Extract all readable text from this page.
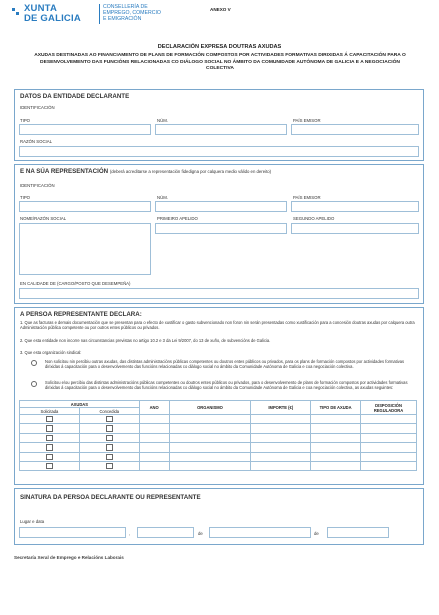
XUNTA
DE GALICIA
CONSELLERÍA DE
EMPREGO, COMERCIO
E EMIGRACIÓN
ANEXO V
DECLARACIÓN EXPRESA DOUTRAS AXUDAS
AXUDAS DESTINADAS AO FINANCIAMENTO DE PLANS DE FORMACIÓN COMPOSTOS POR ACTIVIDADES FORMATIVAS DIRIXIDAS Á CAPACITACIÓN PARA O DESENVOLVEMENTO DAS FUNCIÓNS RELACIONADAS CO DIÁLOGO SOCIAL NO ÁMBITO DA COMUNIDADE AUTÓNOMA DE GALICIA E A NEGOCIACIÓN COLECTIVA
DATOS DA ENTIDADE DECLARANTE
IDENTIFICACIÓN
TIPO	NÚM.	PAÍS EMISOR
RAZÓN SOCIAL
E NA SÚA REPRESENTACIÓN (deberá acreditarse a representación fidedigna por calquera medio válido en dereito)
IDENTIFICACIÓN
TIPO	NÚM.	PAÍS EMISOR
NOME/RAZÓN SOCIAL	PRIMEIRO APELIDO	SEGUNDO APELIDO
EN CALIDADE DE (CARGO/POSTO QUE DESEMPEÑA)
A PERSOA REPRESENTANTE DECLARA:
1. Que as facturas e demais documentación que se presentan para o efecto de xustificar o gasto subvencionado non foron nin serán presentadas como xustificación para a concesión doutras axudas por calquera outra Administración pública competente ou por outros entes públicos ou privados.
2. Que esta entidade non incorre nas circunstancias previstas no artigo 10.2 e 3 da Lei 9/2007, do 13 de xuño, de subvencións de Galicia.
3. Que esta organización sindical:
Non solicitou nin percibiu outras axudas, das distintas administracións públicas competentes ou doutros entes públicos ou privados, para os plans de formación compostos por actividades formativas dirixidas á capacitación para o desenvolvemento das funcións relacionadas co diálogo social no ámbito da Comunidade Autónoma de Galicia e coa negociación colectiva.
Solicitou e/ou percibiu das distintas administracións públicas competentes ou doutros entes públicos ou privados, para o desenvolvemento de plans de formación compostos por actividades formativas dirixidas á capacitación para o desenvolvemento das funcións relacionadas co diálogo social no ámbito da Comunidade Autónoma de Galicia e coa negociación colectiva, as axudas seguintes:
AXUDAS		ANO	ORGANISMO	IMPORTE (€)	TIPO DE AXUDA	DISPOSICIÓN REGULADORA
Solicitada	Concedida					

SINATURA DA PERSOA DECLARANTE OU REPRESENTANTE
Lugar e data
,	de	de
Secretaría Xeral de Emprego e Relacións Laborais
